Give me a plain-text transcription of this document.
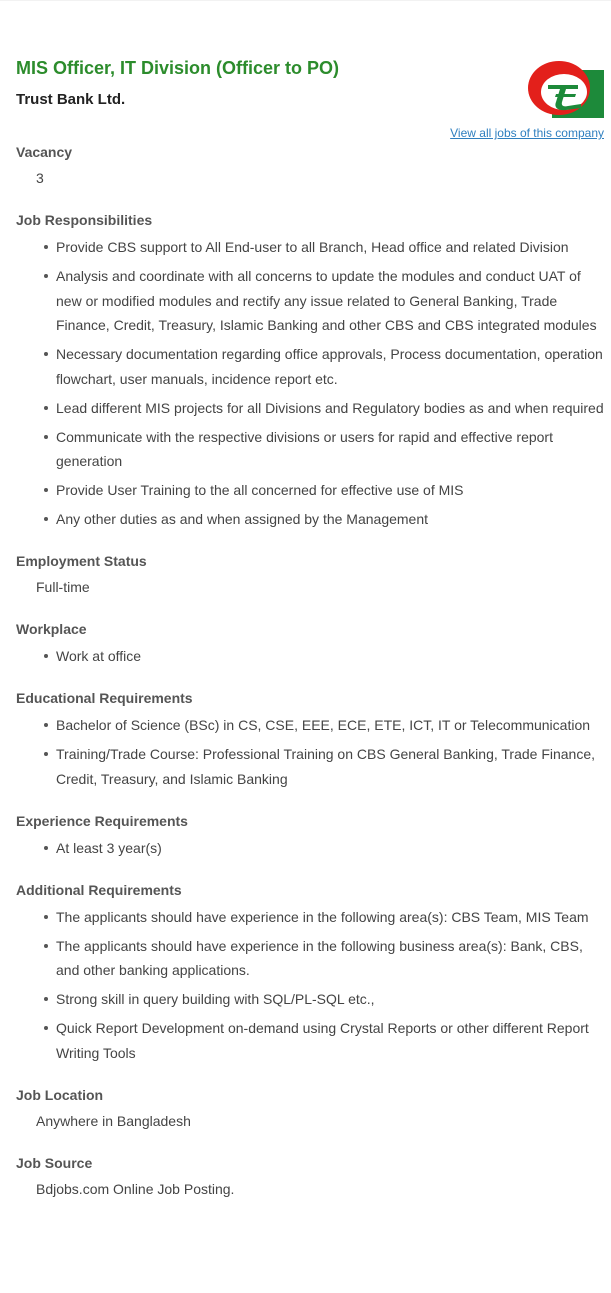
MIS Officer, IT Division (Officer to PO)
Trust Bank Ltd.
View all jobs of this company
Vacancy
3
Job Responsibilities
Provide CBS support to All End-user to all Branch, Head office and related Division
Analysis and coordinate with all concerns to update the modules and conduct UAT of new or modified modules and rectify any issue related to General Banking, Trade Finance, Credit, Treasury, Islamic Banking and other CBS and CBS integrated modules
Necessary documentation regarding office approvals, Process documentation, operation flowchart, user manuals, incidence report etc.
Lead different MIS projects for all Divisions and Regulatory bodies as and when required
Communicate with the respective divisions or users for rapid and effective report generation
Provide User Training to the all concerned for effective use of MIS
Any other duties as and when assigned by the Management
Employment Status
Full-time
Workplace
Work at office
Educational Requirements
Bachelor of Science (BSc) in CS, CSE, EEE, ECE, ETE, ICT, IT or Telecommunication
Training/Trade Course: Professional Training on CBS General Banking, Trade Finance, Credit, Treasury, and Islamic Banking
Experience Requirements
At least 3 year(s)
Additional Requirements
The applicants should have experience in the following area(s): CBS Team, MIS Team
The applicants should have experience in the following business area(s): Bank, CBS, and other banking applications.
Strong skill in query building with SQL/PL-SQL etc.,
Quick Report Development on-demand using Crystal Reports or other different Report Writing Tools
Job Location
Anywhere in Bangladesh
Job Source
Bdjobs.com Online Job Posting.
